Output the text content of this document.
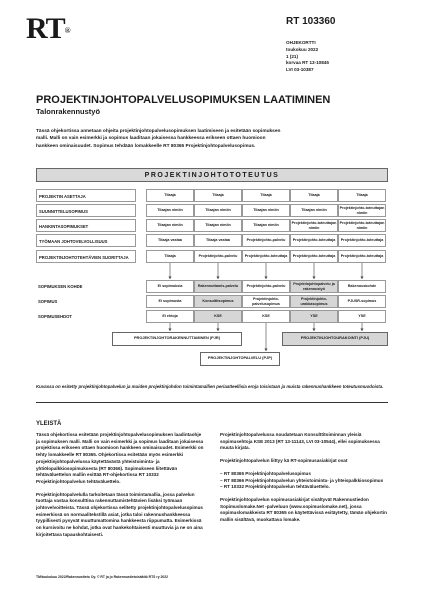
RT®
RT 103360
OHJEKORTTI
toukokuu 2022
1 (21)
korvaa RT 13-10845
LVI 03-10387
PROJEKTINJOHTOPALVELUSOPIMUKSEN LAATIMINEN
Talonrakennustyö
Tässä ohjekortissa annetaan ohjeita projektinjohtopalvelusopimuksen laatimiseen ja esitetään sopimuksen malli. Malli on vain esimerkki ja sopimus laaditaan jokaisessa hankkeessa erikseen ottaen huomioon hankkeen ominaisuudet. Sopimus tehdään lomakkeelle RT 80365 Projektinjohtopalvelusopimus.
PROJEKTINJOHTOTOTEUTUS
PROJEKTIN ASETTAJA
SUUNNITTELUSOPIMUS
HANKINTASOPIMUKSET
TYÖMAAN JOHTOVELVOLLISUUS
PROJEKTINJOHTOTEHTÄVIEN SUORITTAJA
Tilaaja
Tilaajan nimiin
Tilaajan nimiin
Tilaaja vastaa
Tilaaja
Tilaaja
Tilaajan nimiin
Tilaajan nimiin
Tilaaja vastaa
Projektinjohto-palvelu
Tilaaja
Tilaajan nimiin
Tilaajan nimiin
Projektinjohto-palvelu
Projektinjohto-toteuttaja
Tilaaja
Tilaajan nimiin
Projektinjohto-toteuttajan nimiin
Projektinjohto-toteuttaja
Projektinjohto-toteuttaja
Tilaaja
Projektinjohto-toteuttajan nimiin
Projektinjohto-toteuttajan nimiin
Projektinjohto-toteuttaja
Projektinjohto-toteuttaja
SOPIMUKSEN KOHDE
SOPIMUS
SOPIMUSEHDOT
Ei sopimuksia
Ei sopimusta
Ei ehtoja
Rakennuttamis-palvelu
Konsulttisopimus
KSE
Projektinjohto-palvelu
Projektinjohto-palvelusopimus
KSE
Projektinjohtopalvelu ja rakennustyö
Projektinjohto-urakkasopimus
YSE
Rakennuskohde
PJUSR-sopimus
YSE
PROJEKTINJOHTORAKENNUTTAMINEN (PJR)	PROJEKTINJOHTOURAKOINTI (PJU)
PROJEKTINJOHTOPALVELU (PJP)
Kuvassa on esitetty projektinjohtopalvelun ja muiden projektinjohdon toimintamallien periaatteellisia eroja toisistaan ja muista rakennushankkeen toteutusmuodoista.
YLEISTÄ

Tässä ohjekortissa esitetään projektinjohtopalvelusopimuksen laadintaohje ja sopimuksen malli. Malli on vain esimerkki ja sopimus laaditaan jokaisessa projektissa erikseen ottaen huomioon hankkeen ominaisuudet. Esimerkki on tehty lomakkeelle RT 80365. Ohjekortissa esitetään myös esimerkki projektinjohtopalvelussa käytettävästä yhteistoiminta- ja yhtiölopalkkiosopimuksesta (RT 80366). Sopimukseen liitettävän tehtäväluettelon mallin esittää RT-ohjekortissa RT 10332 Projektinjohtopalvelun tehtäväluettelo.

Projektinjohtopalvelulla tarkoitetaan tässä toimintamallia, jossa palvelun tuottaja vastaa konsulttina rakennuttamistehtävien lisäksi työmaan johtovelvoitteista. Tässä ohjekortissa selitetty projektinjohtopalvelusopimus esimerkissä on normaalitekstillä asiat, jotka taloi rakennushankkeessa tyypillisesti pysyvät muuttumattomina hankkeesta riippumatta. Esimerkissä on kursivoitu ne kohdat, jotka ovat hankekohtaisesti muuttuvia ja ne on aina kirjoitettava tapauskohtaisesti.

Projektinjohtopalvelussa noudatetaan Konsulttitoiminnan yleisiä sopimusehtoja KSE 2013 (RT 13-11143, LVI 03-10544), ellei sopimuksessa muuta kirjata.

Projektinjohtopalvelun liittyy kä RT-sopimusasiakirjat ovat

– RT 80365 Projektinjohtopalvelusopimus
– RT 80366 Projektinjohtopalvelun yhteistoiminta- ja yhteispalkkiosopimus
– RT 10332 Projektinjohtopalvelun tehtäväluettelo.

Projektinjohtopalvelun sopimusasiakirjat sisältyvät Rakennustiedon Sopimuslomake.Net -palveluun (www.sopimuslomake.net), jossa sopimuslomakkeista RT 80365 on käytettävissä esitäytetty, tämän ohjekortin mallin sisältävä, muokattava lomake.

TM/toukokuu 2022/Rakennustieto Oy. © RT ja jo Rakennustieto/säätiö RTS ry 2022
